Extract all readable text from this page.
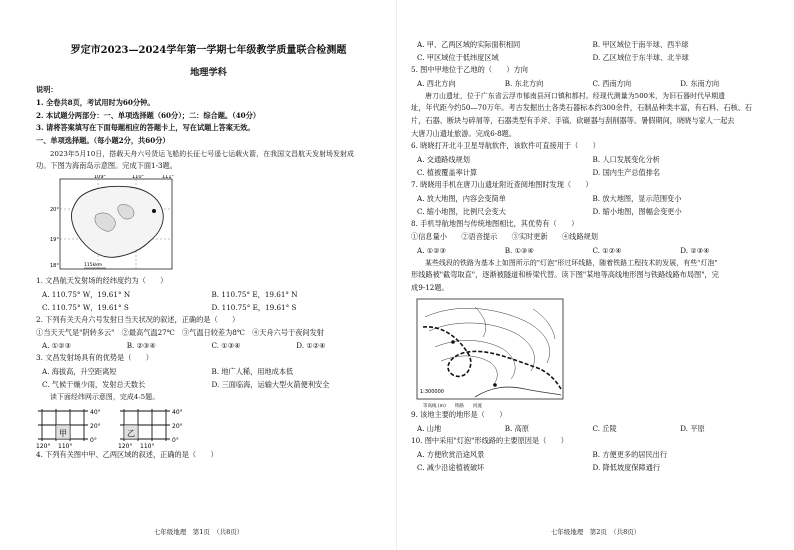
罗定市2023—2024学年第一学期七年级教学质量联合检测题
地理学科
说明：
1. 全卷共8页，考试用时为60分钟。
2. 本试题分两部分：一、单项选择题（60分）；二：综合题。（40分）
3. 请将答案填写在下面每题相应的答题卡上，写在试题上答案无效。
一、单项选择题。（每小题2分，共60分）
2023年5月10日，搭载天舟六号货运飞船的长征七号遥七运载火箭，在我国文昌航天发射场发射成
功。下图为海南岛示意图。完成下面1-3题。
109°	110°	111°
20°
19°
18°	115kkm
1. 文昌航天发射场的经纬度约为（　　）
A. 110.75° W，19.61° N	B. 110.75° E，19.61° N
C. 110.75° W，19.61° S	D. 110.75° E，19.61° S
2. 下列有关天舟六号发射日当天状况的叙述，正确的是（　　）
①当天天气是"阴转多云"　②最高气温27℃　③气温日较差为8℃　④天舟六号于夜间发射
A. ①②③	B. ②③④	C. ①③④	D. ①②④
3. 文昌发射场具有的优势是（　　）
A. 海拔高，升空距离短	B. 地广人稀，用地成本低
C. 气候干燥少雨，发射总天数长	D. 三面临海，运输大型火箭便利安全
读下面经纬网示意图，完成4-5题。
甲
40°
20°
0°
120° 110°
乙
40°
20°
0°
120° 110°
4. 下列有关图中甲、乙两区域的叙述，正确的是（　　）
七年级地理　第1页　（共8页）
A. 甲、乙两区域的实际面积相同	B. 甲区域位于南半球、西半球
C. 甲区域位于低纬度区域	D. 乙区域位于东半球、北半球
5. 图中甲地位于乙地的（　　）方向
A. 西北方向	B. 东北方向	C. 西南方向	D. 东南方向
唐刀山遗址，位于广东省云浮市郁南县河口镇和都村。经现代测量为500米，为旧石器时代早期遗
址，年代距今约50—70万年。考古发掘出土各类石器标本约300余件，石制品种类丰富，有石料、石核、石
片，石器、断块与碎屑等，石器类型有手斧、手镐、砍砸器与刮削器等。暑假期间，晓晓与家人一起去
大唐刀山遗址旅游。完成6-8题。
6. 晓晓打开北斗卫星导航软件，该软件可直接用于（　　）
A. 交通路线规划	B. 人口发展变化分析
C. 植被覆盖率计算	D. 国内生产总值排名
7. 晓晓用手机在唐刀山遗址附近查阅地图时发现（　　）
A. 放大地图，内容会变简单	B. 放大地图，显示范围变小
C. 缩小地图，比例尺会变大	D. 缩小地图，图幅会变更小
8. 手机导航地图与传统地图相比，其优势有（　　）
①信息量小　　②语音提示　　③实时更新　　④线路规划
A. ①②③	B. ①③④	C. ①②④	D. ②③④
某些线段的铁路为基本上如图所示的"灯泡"形过环线路，随着铁路工程技术的发展，有些"灯泡"
形线路被"截弯取直"，逐渐被隧道和桥梁代替。读下图"某地等高线地形图与铁路线路布局图"，完
成9-12题。
1:300000
等高线 (m)　　铁路　　河流
9. 该地主要的地形是（　　）
A. 山地	B. 高原	C. 丘陵	D. 平原
10. 图中采用"灯泡"形线路的主要原因是（　　）
A. 方便欣赏沿途风景	B. 方便更多的居民出行
C. 减少沿途植被破坏	D. 降低坡度保障通行
七年级地理　第2页　（共8页）
